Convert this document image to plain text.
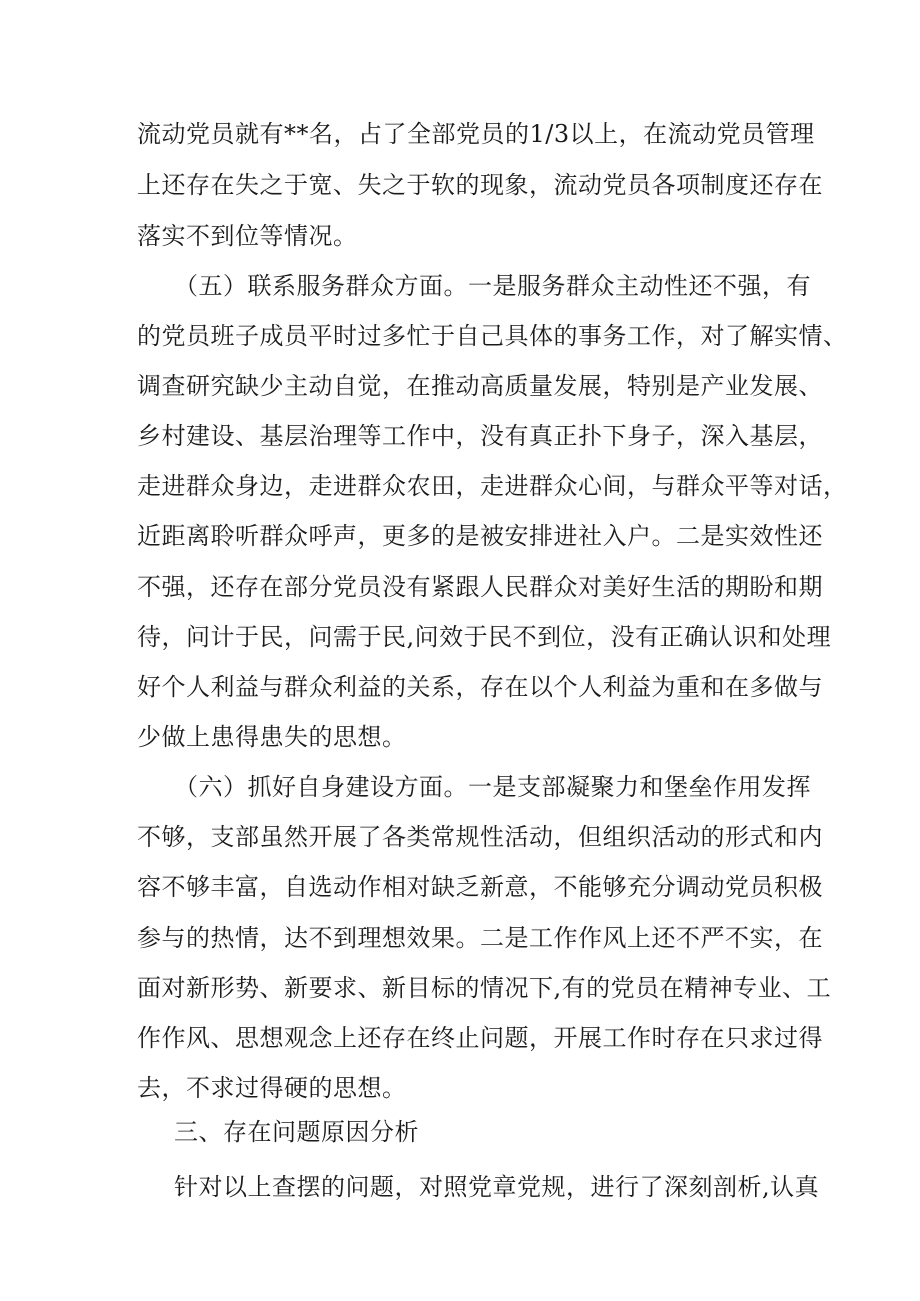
流动党员就有**名，占了全部党员的1/3以上，在流动党员管理
上还存在失之于宽、失之于软的现象，流动党员各项制度还存在
落实不到位等情况。
（五）联系服务群众方面。一是服务群众主动性还不强，有
的党员班子成员平时过多忙于自己具体的事务工作，对了解实情、
调查研究缺少主动自觉，在推动高质量发展，特别是产业发展、
乡村建设、基层治理等工作中，没有真正扑下身子，深入基层，
走进群众身边，走进群众农田，走进群众心间，与群众平等对话，
近距离聆听群众呼声，更多的是被安排进社入户。二是实效性还
不强，还存在部分党员没有紧跟人民群众对美好生活的期盼和期
待，问计于民，问需于民,问效于民不到位，没有正确认识和处理
好个人利益与群众利益的关系，存在以个人利益为重和在多做与
少做上患得患失的思想。
（六）抓好自身建设方面。一是支部凝聚力和堡垒作用发挥
不够，支部虽然开展了各类常规性活动，但组织活动的形式和内
容不够丰富，自选动作相对缺乏新意，不能够充分调动党员积极
参与的热情，达不到理想效果。二是工作作风上还不严不实，在
面对新形势、新要求、新目标的情况下,有的党员在精神专业、工
作作风、思想观念上还存在终止问题，开展工作时存在只求过得
去，不求过得硬的思想。
三、存在问题原因分析
针对以上查摆的问题，对照党章党规，进行了深刻剖析,认真
